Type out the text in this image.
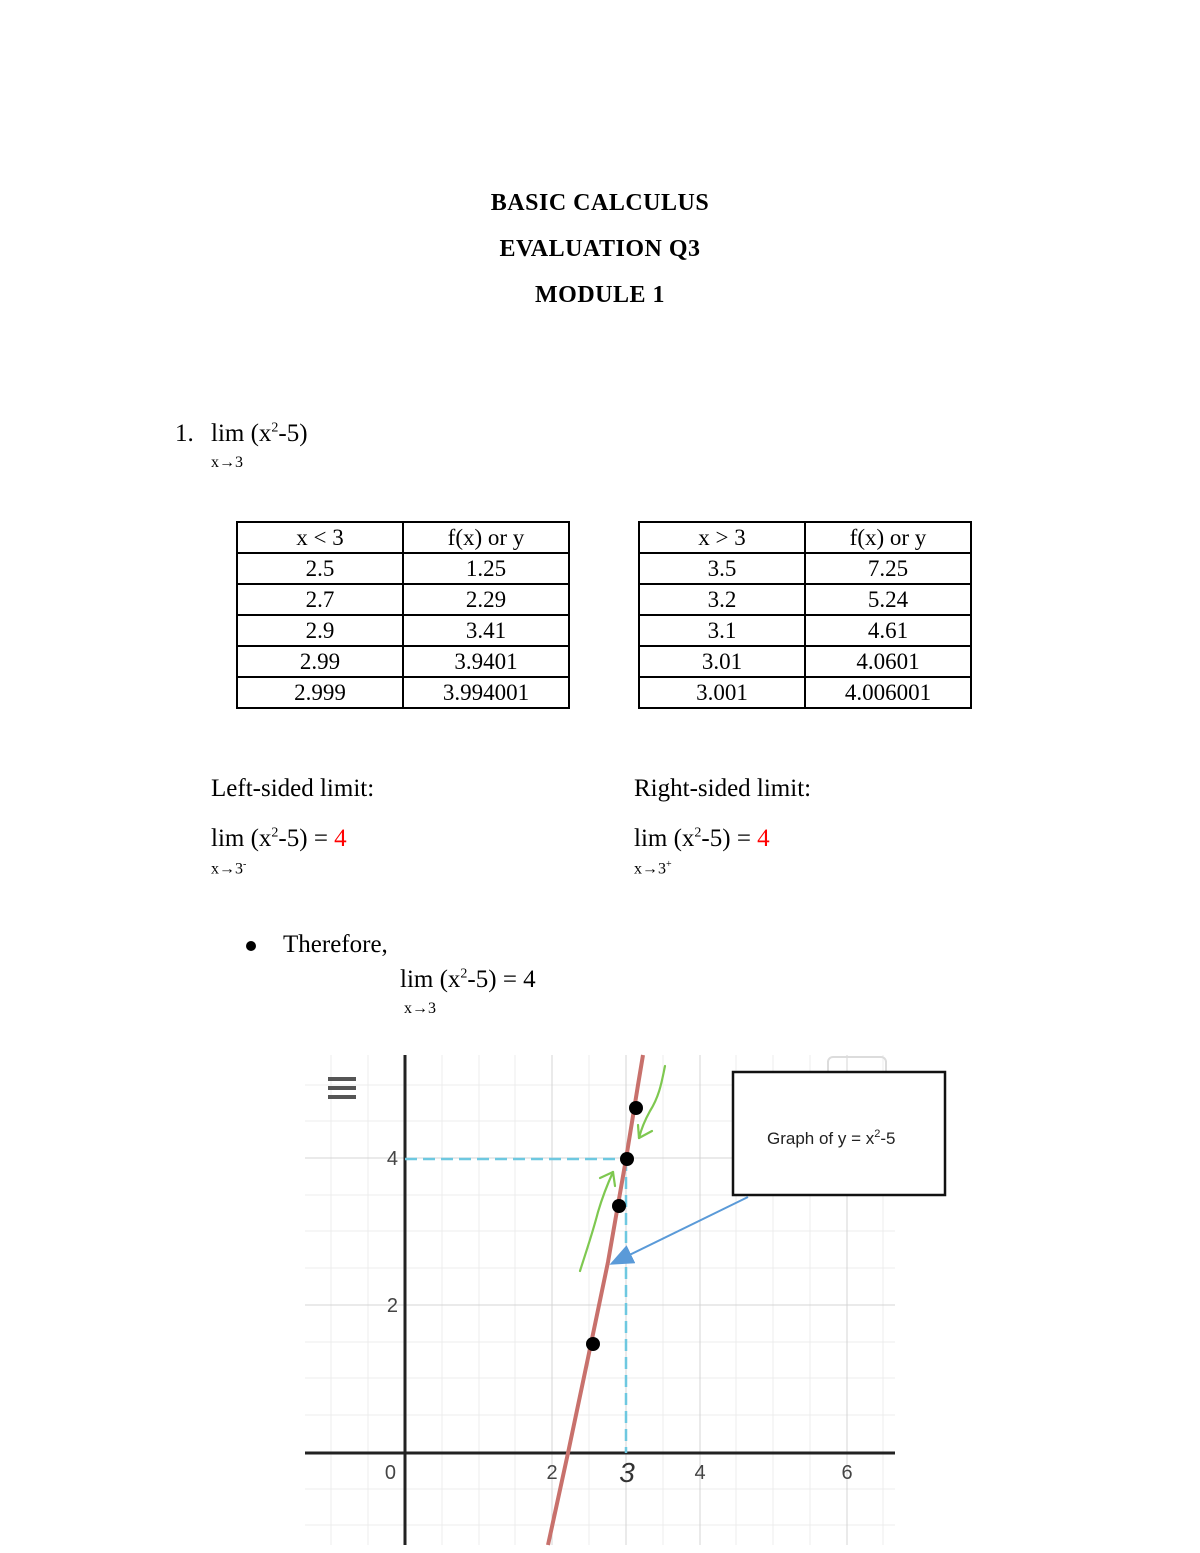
BASIC CALCULUS
EVALUATION Q3
MODULE 1
1. $\lim (x^2-5)$
x→3
x < 3	f(x) or y
2.5	1.25
2.7	2.29
2.9	3.41
2.99	3.9401
2.999	3.994001
x > 3	f(x) or y
3.5	7.25
3.2	5.24
3.1	4.61
3.01	4.0601
3.001	4.006001
Left-sided limit:
$\lim (x^2-5) = 4$
x→3-
Right-sided limit:
$\lim (x^2-5) = 4$
x→3+
Therefore,
$\lim (x^2-5) = 4$
x→3
4
2
0	2	4	6
3
Graph of $y = x^2-5$
